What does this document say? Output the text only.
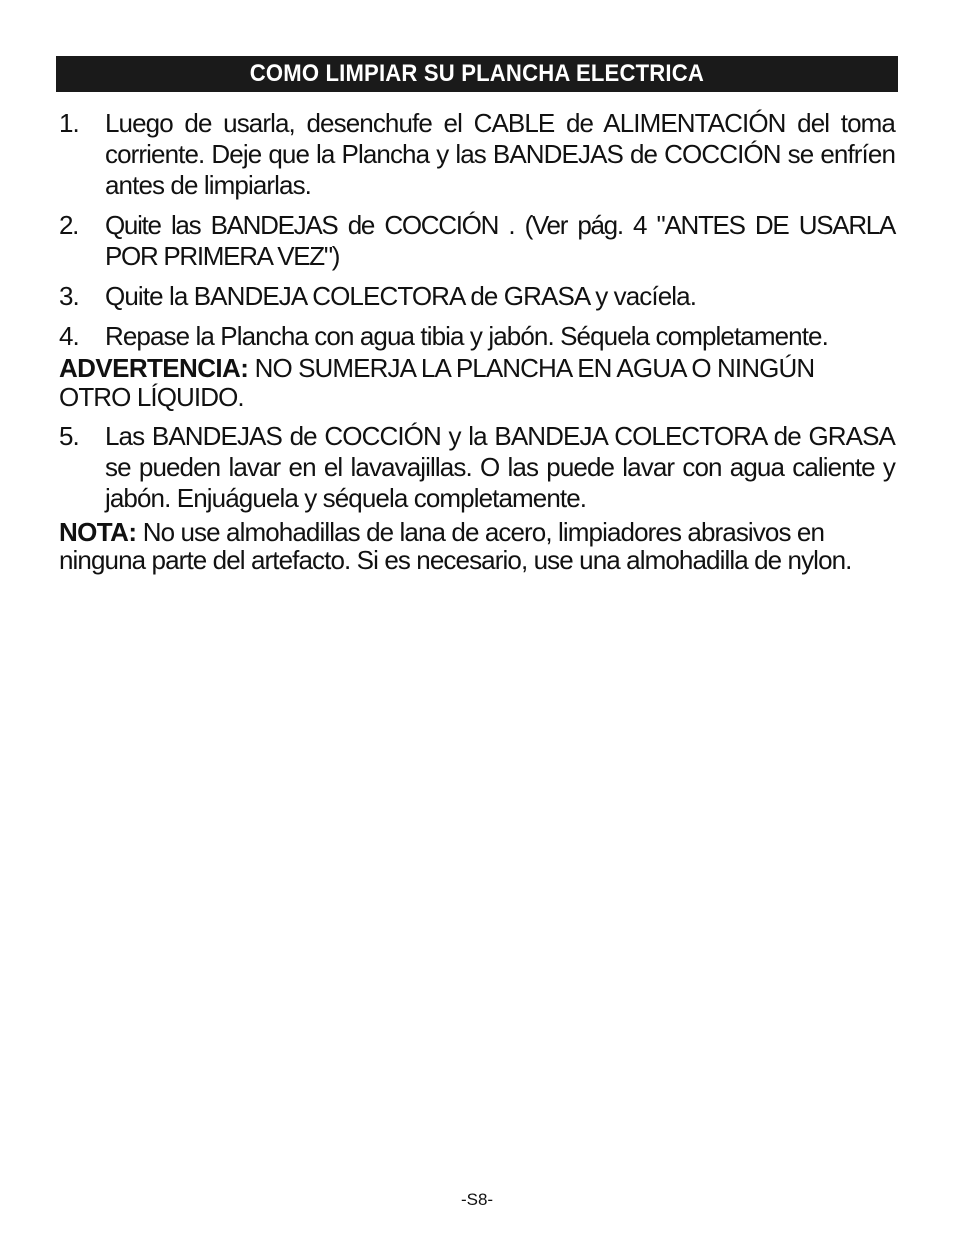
COMO LIMPIAR SU PLANCHA ELECTRICA
1. Luego de usarla, desenchufe el CABLE de ALIMENTACIÓN del toma corriente. Deje que la Plancha y las BANDEJAS de COCCIÓN se enfríen antes de limpiarlas.
2. Quite las BANDEJAS de COCCIÓN . (Ver pág. 4 "ANTES DE USARLA POR PRIMERA VEZ")
3. Quite la BANDEJA COLECTORA de GRASA y vacíela.
4. Repase la Plancha con agua tibia y jabón. Séquela completamente.

ADVERTENCIA: NO SUMERJA LA PLANCHA EN AGUA O NINGÚN OTRO LÍQUIDO.

5. Las BANDEJAS de COCCIÓN y la BANDEJA COLECTORA de GRASA se pueden lavar en el lavavajillas. O las puede lavar con agua caliente y jabón. Enjuáguela y séquela completamente.

NOTA: No use almohadillas de lana de acero, limpiadores abrasivos en ninguna parte del artefacto. Si es necesario, use una almohadilla de nylon.

-S8-
